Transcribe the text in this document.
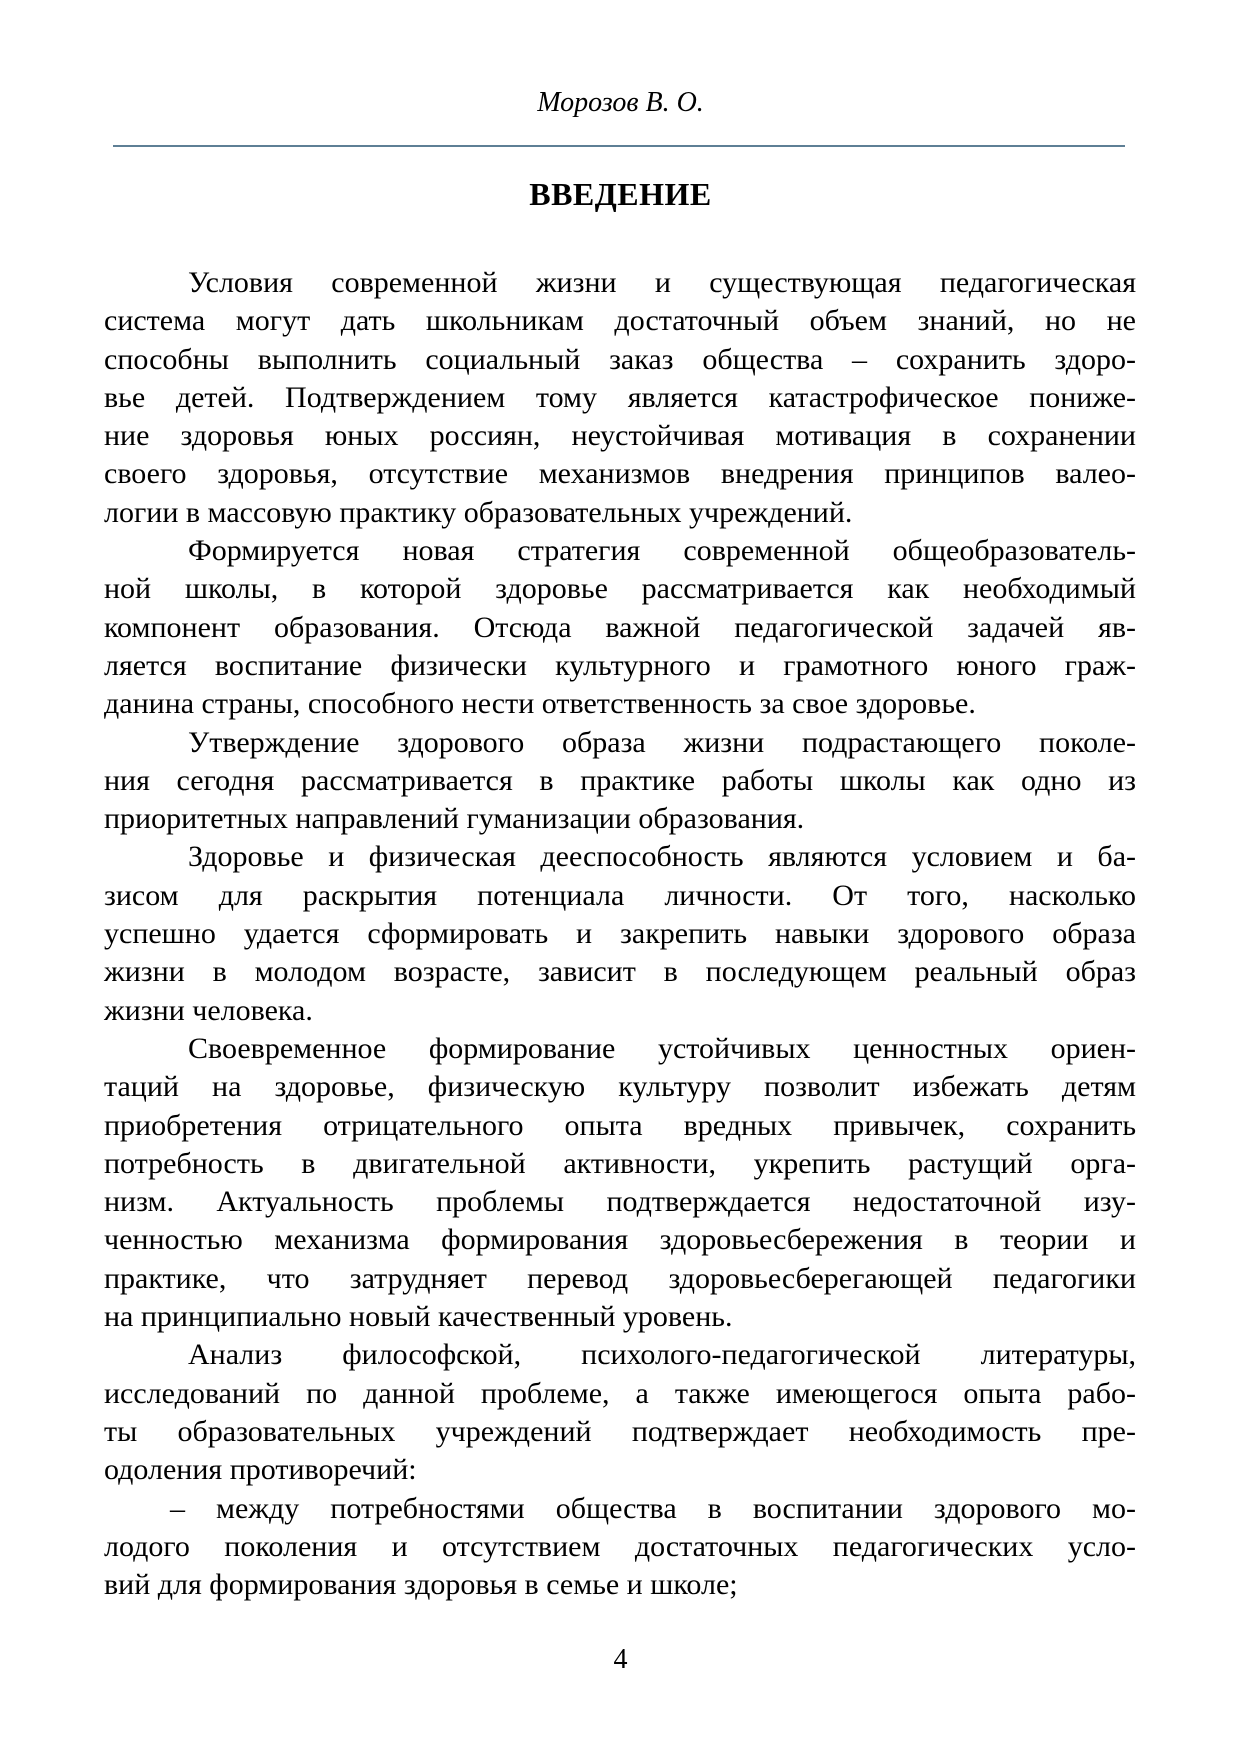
Морозов В. О.
ВВЕДЕНИЕ
Условия современной жизни и существующая педагогическая
система могут дать школьникам достаточный объем знаний, но не
способны выполнить социальный заказ общества – сохранить здоро-
вье детей. Подтверждением тому является катастрофическое пониже-
ние здоровья юных россиян, неустойчивая мотивация в сохранении
своего здоровья, отсутствие механизмов внедрения принципов валео-
логии в массовую практику образовательных учреждений.
Формируется новая стратегия современной общеобразователь-
ной школы, в которой здоровье рассматривается как необходимый
компонент образования. Отсюда важной педагогической задачей яв-
ляется воспитание физически культурного и грамотного юного граж-
данина страны, способного нести ответственность за свое здоровье.
Утверждение здорового образа жизни подрастающего поколе-
ния сегодня рассматривается в практике работы школы как одно из
приоритетных направлений гуманизации образования.
Здоровье и физическая дееспособность являются условием и ба-
зисом для раскрытия потенциала личности. От того, насколько
успешно удается сформировать и закрепить навыки здорового образа
жизни в молодом возрасте, зависит в последующем реальный образ
жизни человека.
Своевременное формирование устойчивых ценностных ориен-
таций на здоровье, физическую культуру позволит избежать детям
приобретения отрицательного опыта вредных привычек, сохранить
потребность в двигательной активности, укрепить растущий орга-
низм. Актуальность проблемы подтверждается недостаточной изу-
ченностью механизма формирования здоровьесбережения в теории и
практике, что затрудняет перевод здоровьесберегающей педагогики
на принципиально новый качественный уровень.
Анализ философской, психолого-педагогической литературы,
исследований по данной проблеме, а также имеющегося опыта рабо-
ты образовательных учреждений подтверждает необходимость пре-
одоления противоречий:
– между потребностями общества в воспитании здорового мо-
лодого поколения и отсутствием достаточных педагогических усло-
вий для формирования здоровья в семье и школе;
4
